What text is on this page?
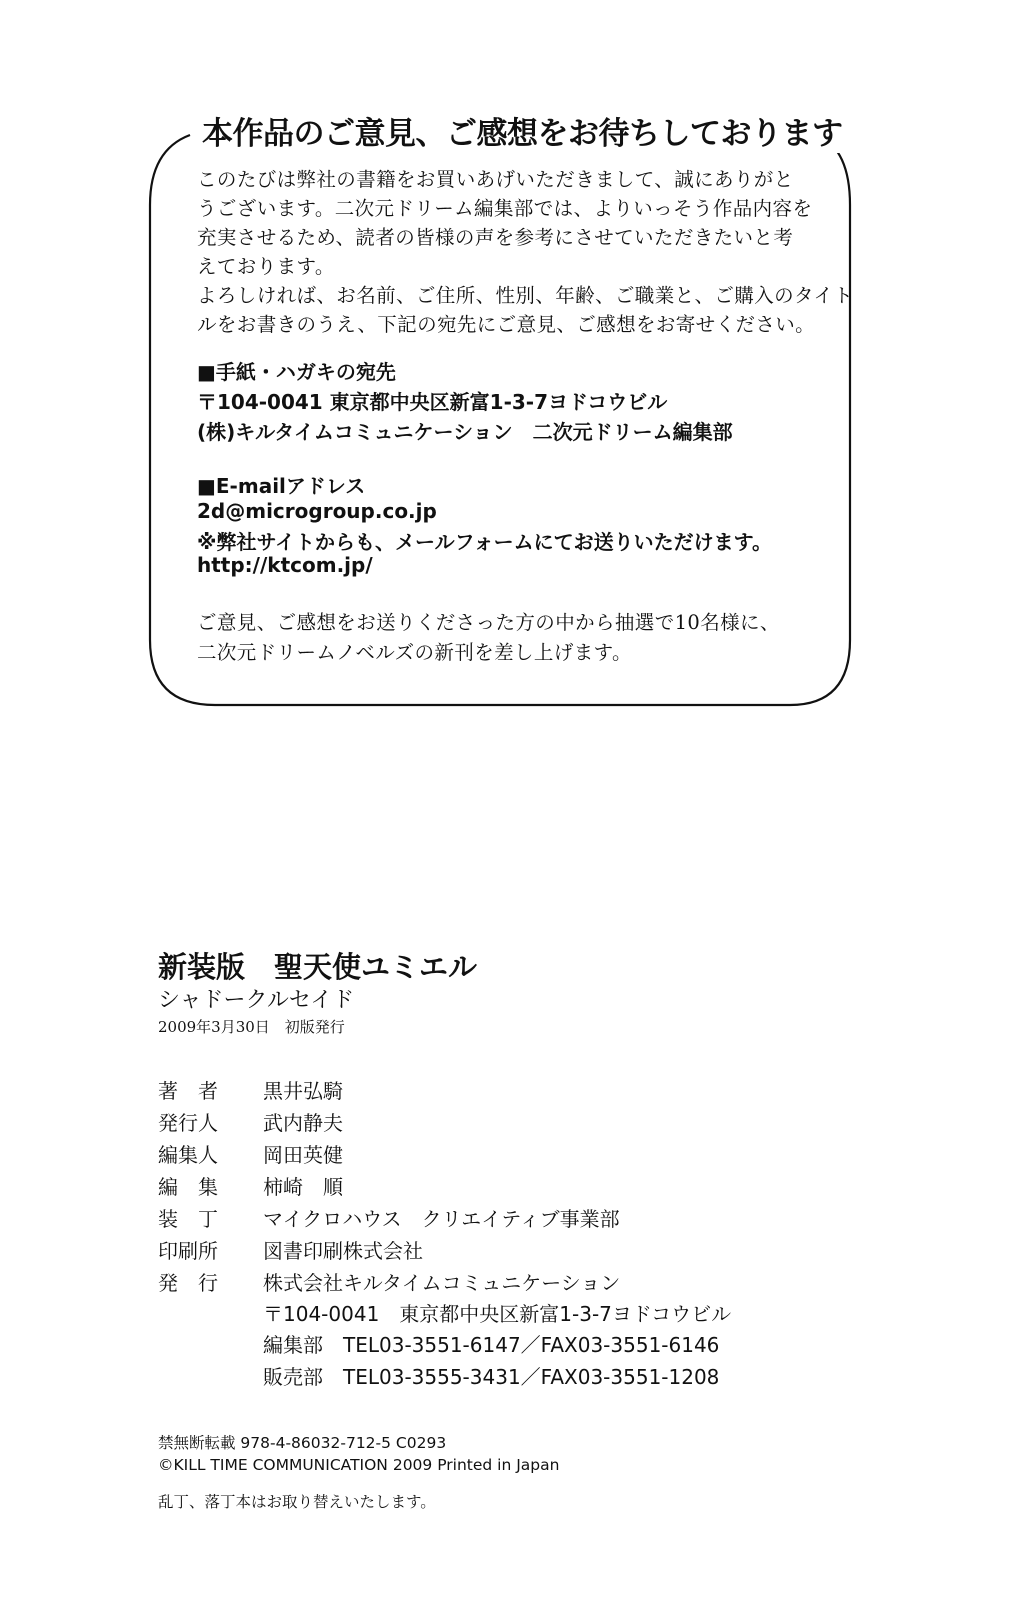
本作品のご意見、ご感想をお待ちしております
このたびは弊社の書籍をお買いあげいただきまして、誠にありがと
うございます。二次元ドリーム編集部では、よりいっそう作品内容を
充実させるため、読者の皆様の声を参考にさせていただきたいと考
えております。
よろしければ、お名前、ご住所、性別、年齢、ご職業と、ご購入のタイト
ルをお書きのうえ、下記の宛先にご意見、ご感想をお寄せください。
■手紙・ハガキの宛先
〒104-0041 東京都中央区新富1-3-7ヨドコウビル
(株)キルタイムコミュニケーション　二次元ドリーム編集部
■E-mailアドレス
2d@microgroup.co.jp
※弊社サイトからも、メールフォームにてお送りいただけます。
http://ktcom.jp/
ご意見、ご感想をお送りくださった方の中から抽選で10名様に、
二次元ドリームノベルズの新刊を差し上げます。
新装版　聖天使ユミエル
シャドークルセイド
2009年3月30日　初版発行
著　者 黒井弘騎
発行人 武内静夫
編集人 岡田英健
編　集 柿崎　順
装　丁 マイクロハウス　クリエイティブ事業部
印刷所 図書印刷株式会社
発　行 株式会社キルタイムコミュニケーション
〒104-0041　東京都中央区新富1-3-7ヨドコウビル
編集部　TEL03-3551-6147／FAX03-3551-6146
販売部　TEL03-3555-3431／FAX03-3551-1208
禁無断転載 978-4-86032-712-5 C0293
©KILL TIME COMMUNICATION 2009 Printed in Japan
乱丁、落丁本はお取り替えいたします。
